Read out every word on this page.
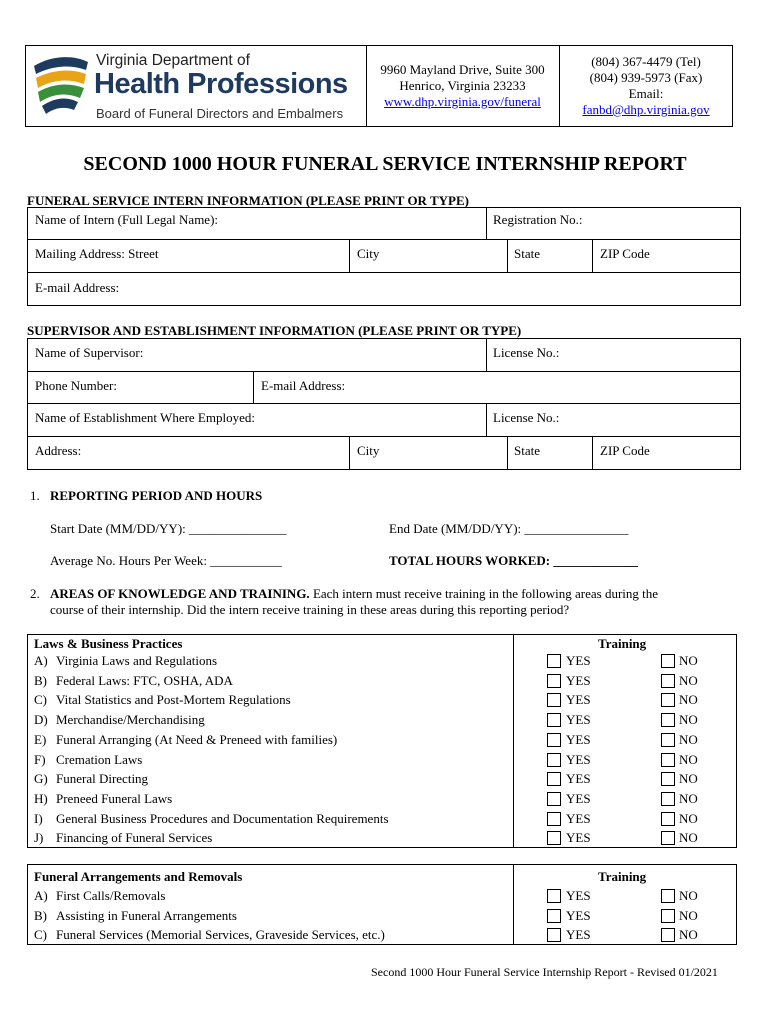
Virginia Department of
Health Professions
Board of Funeral Directors and Embalmers
9960 Mayland Drive, Suite 300
Henrico, Virginia 23233
www.dhp.virginia.gov/funeral
(804) 367-4479 (Tel)
(804) 939-5973 (Fax)
Email:
fanbd@dhp.virginia.gov
SECOND 1000 HOUR FUNERAL SERVICE INTERNSHIP REPORT
FUNERAL SERVICE INTERN INFORMATION (PLEASE PRINT OR TYPE)
Name of Intern (Full Legal Name):	Registration No.:
Mailing Address: Street	City	State	ZIP Code
E-mail Address:
SUPERVISOR AND ESTABLISHMENT INFORMATION (PLEASE PRINT OR TYPE)
Name of Supervisor:	License No.:
Phone Number:	E-mail Address:
Name of Establishment Where Employed:	License No.:
Address:	City	State	ZIP Code
1. REPORTING PERIOD AND HOURS
Start Date (MM/DD/YY): _______________	End Date (MM/DD/YY): ________________
Average No. Hours Per Week: ___________	TOTAL HOURS WORKED: _____________
2. AREAS OF KNOWLEDGE AND TRAINING. Each intern must receive training in the following areas during the
course of their internship. Did the intern receive training in these areas during this reporting period?
Laws & Business Practices	Training
A) Virginia Laws and Regulations	YES	NO
B) Federal Laws: FTC, OSHA, ADA	YES	NO
C) Vital Statistics and Post-Mortem Regulations	YES	NO
D) Merchandise/Merchandising	YES	NO
E) Funeral Arranging (At Need & Preneed with families)	YES	NO
F) Cremation Laws	YES	NO
G) Funeral Directing	YES	NO
H) Preneed Funeral Laws	YES	NO
I) General Business Procedures and Documentation Requirements	YES	NO
J) Financing of Funeral Services	YES	NO
Funeral Arrangements and Removals	Training
A) First Calls/Removals	YES	NO
B) Assisting in Funeral Arrangements	YES	NO
C) Funeral Services (Memorial Services, Graveside Services, etc.)	YES	NO
Second 1000 Hour Funeral Service Internship Report - Revised 01/2021
